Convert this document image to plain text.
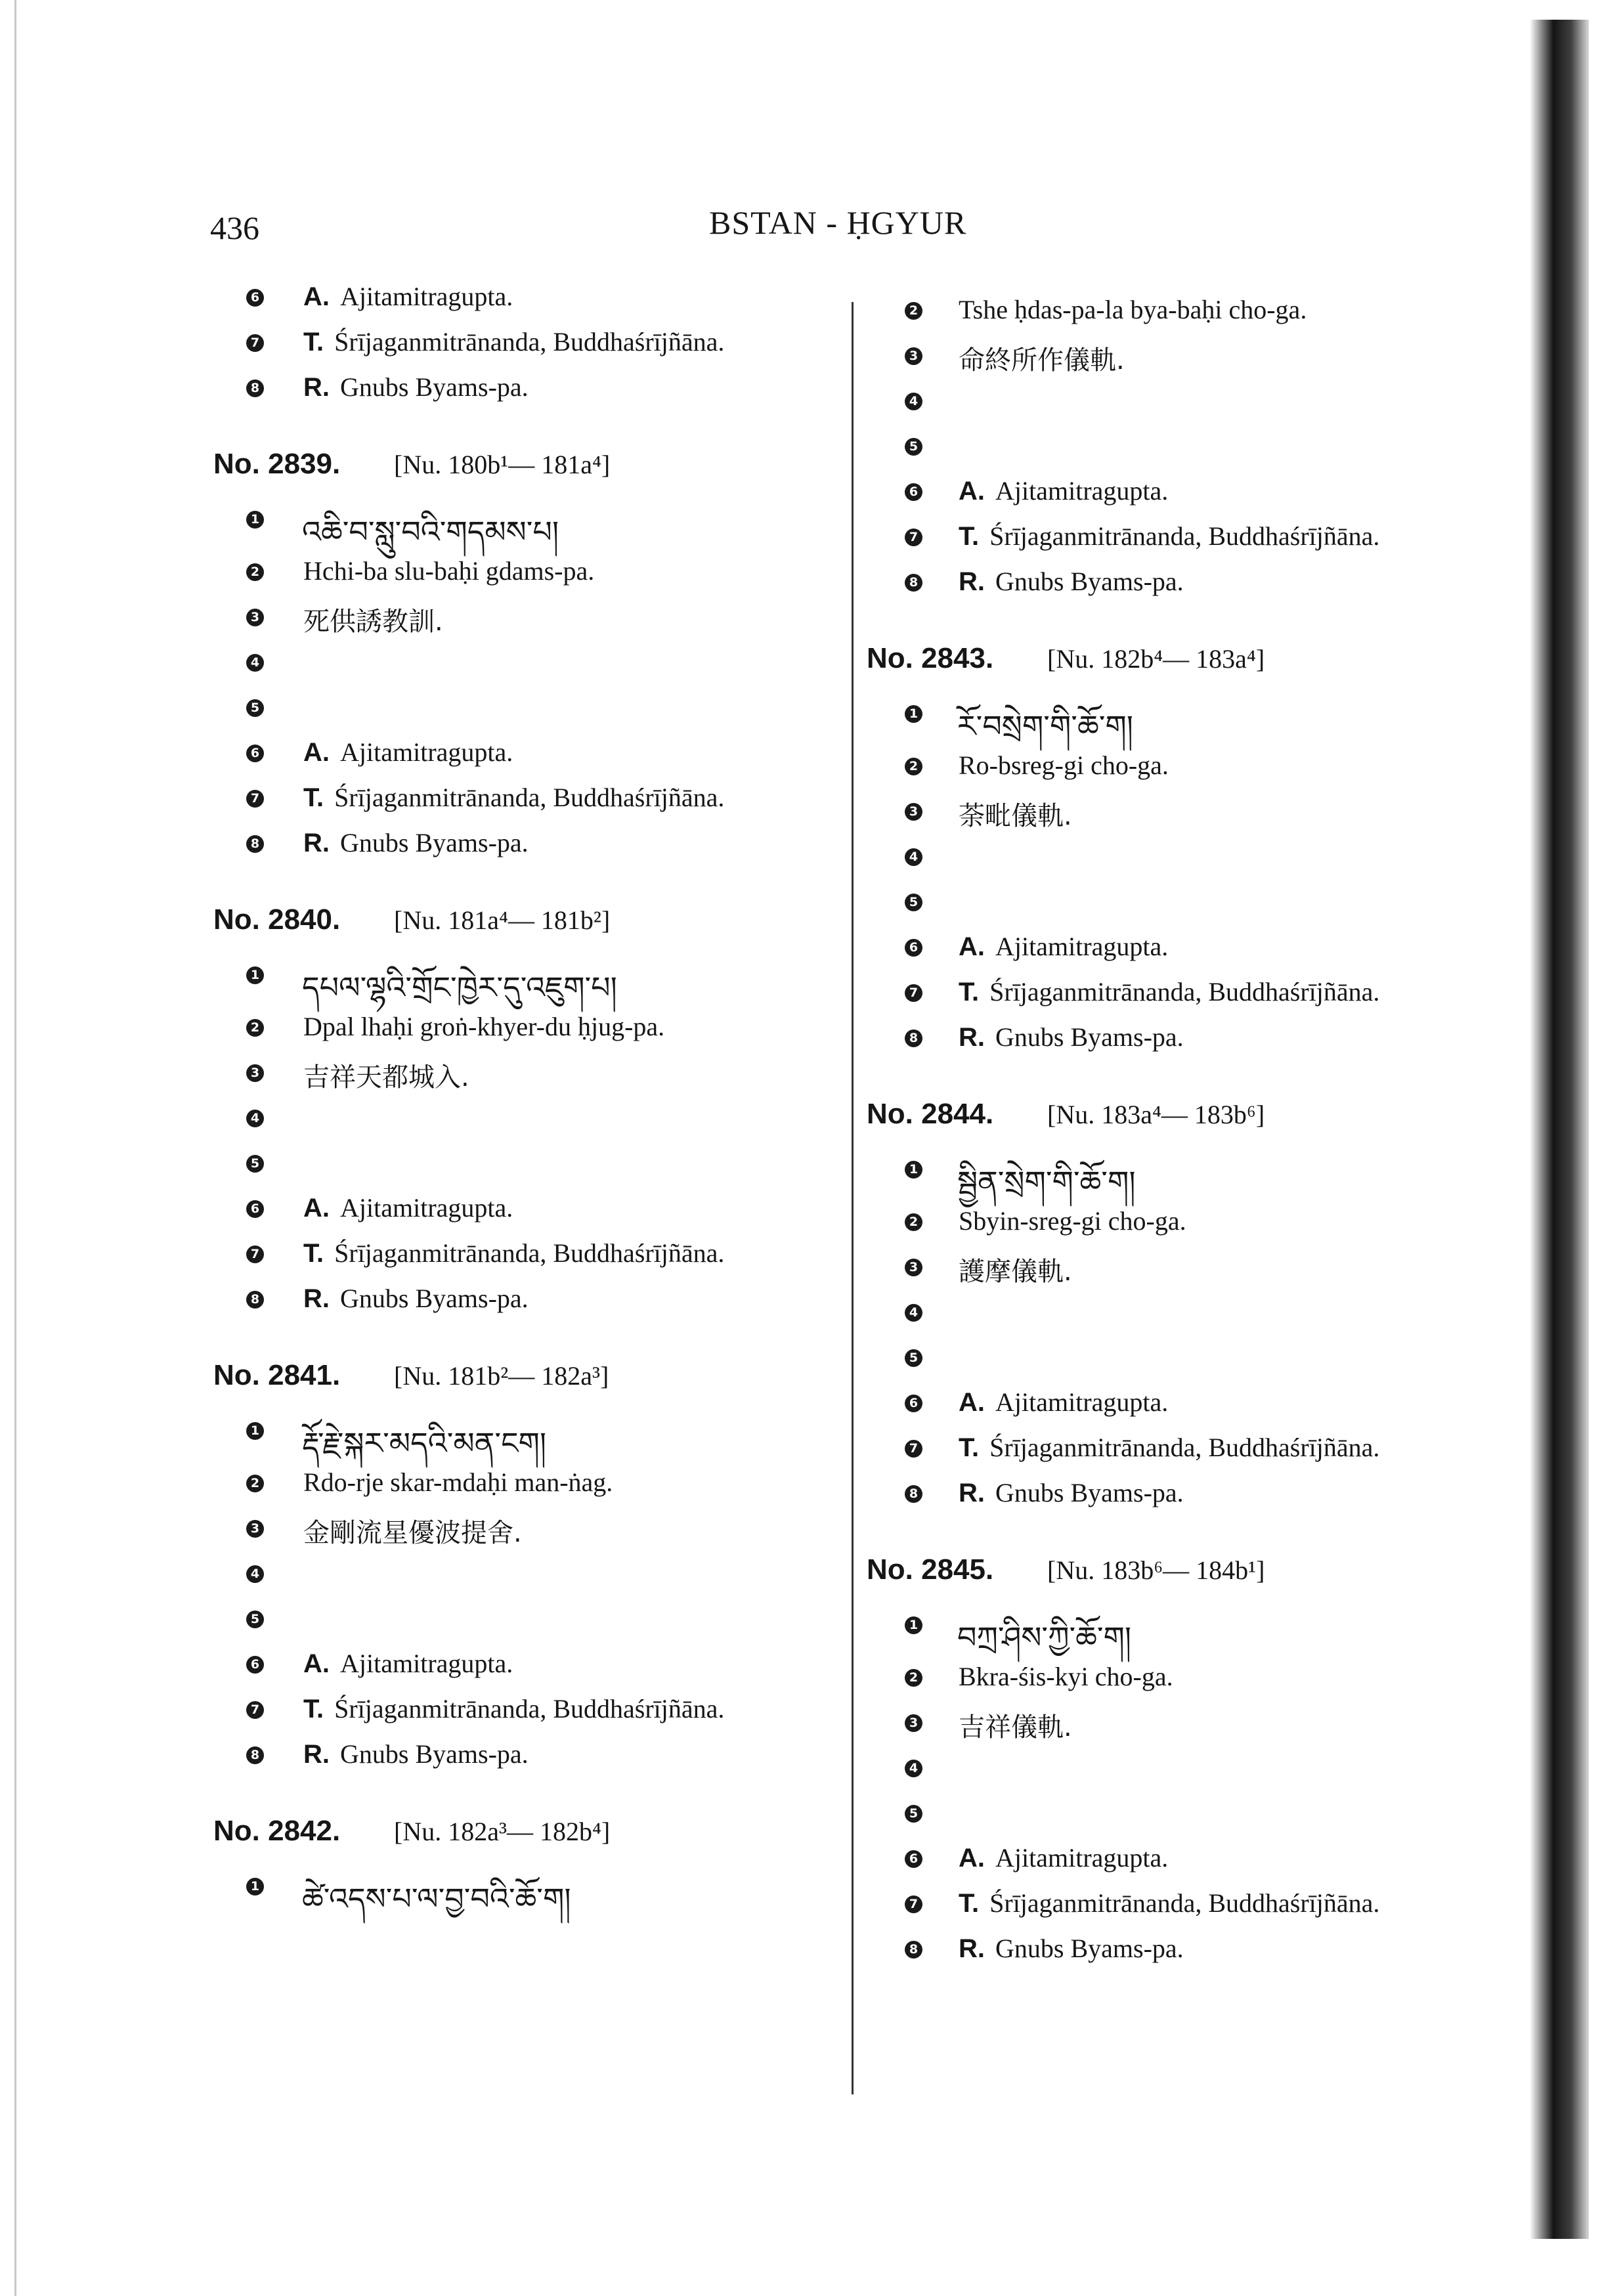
436	BSTAN - ḤGYUR
6 A. Ajitamitragupta.
7 T. Śrījaganmitrānanda, Buddhaśrījñāna.
8 R. Gnubs Byams-pa.
No. 2839. [Nu. 180b¹— 181a⁴]
1 འཆི་བ་སླུ་བའི་གདམས་པ།
2 Hchi-ba slu-baḥi gdams-pa.
3 死供誘教訓.
4
5
6 A. Ajitamitragupta.
7 T. Śrījaganmitrānanda, Buddhaśrījñāna.
8 R. Gnubs Byams-pa.
No. 2840. [Nu. 181a⁴— 181b²]
1 དཔལ་ལྷའི་གྲོང་ཁྱེར་དུ་འཇུག་པ།
2 Dpal lhaḥi groṅ-khyer-du ḥjug-pa.
3 吉祥天都城入.
4
5
6 A. Ajitamitragupta.
7 T. Śrījaganmitrānanda, Buddhaśrījñāna.
8 R. Gnubs Byams-pa.
No. 2841. [Nu. 181b²— 182a³]
1 རྡོ་རྗེ་སྐར་མདའི་མན་ངག།
2 Rdo-rje skar-mdaḥi man-ṅag.
3 金剛流星優波提舍.
4
5
6 A. Ajitamitragupta.
7 T. Śrījaganmitrānanda, Buddhaśrījñāna.
8 R. Gnubs Byams-pa.
No. 2842. [Nu. 182a³— 182b⁴]
1 ཚེ་འདས་པ་ལ་བྱ་བའི་ཆོ་ག།
2 Tshe ḥdas-pa-la bya-baḥi cho-ga.
3 命終所作儀軌.
4
5
6 A. Ajitamitragupta.
7 T. Śrījaganmitrānanda, Buddhaśrījñāna.
8 R. Gnubs Byams-pa.
No. 2843. [Nu. 182b⁴— 183a⁴]
1 རོ་བསྲེག་གི་ཆོ་ག།
2 Ro-bsreg-gi cho-ga.
3 荼毗儀軌.
4
5
6 A. Ajitamitragupta.
7 T. Śrījaganmitrānanda, Buddhaśrījñāna.
8 R. Gnubs Byams-pa.
No. 2844. [Nu. 183a⁴— 183b⁶]
1 སྦྱིན་སྲེག་གི་ཆོ་ག།
2 Sbyin-sreg-gi cho-ga.
3 護摩儀軌.
4
5
6 A. Ajitamitragupta.
7 T. Śrījaganmitrānanda, Buddhaśrījñāna.
8 R. Gnubs Byams-pa.
No. 2845. [Nu. 183b⁶— 184b¹]
1 བཀྲ་ཤིས་ཀྱི་ཆོ་ག།
2 Bkra-śis-kyi cho-ga.
3 吉祥儀軌.
4
5
6 A. Ajitamitragupta.
7 T. Śrījaganmitrānanda, Buddhaśrījñāna.
8 R. Gnubs Byams-pa.
